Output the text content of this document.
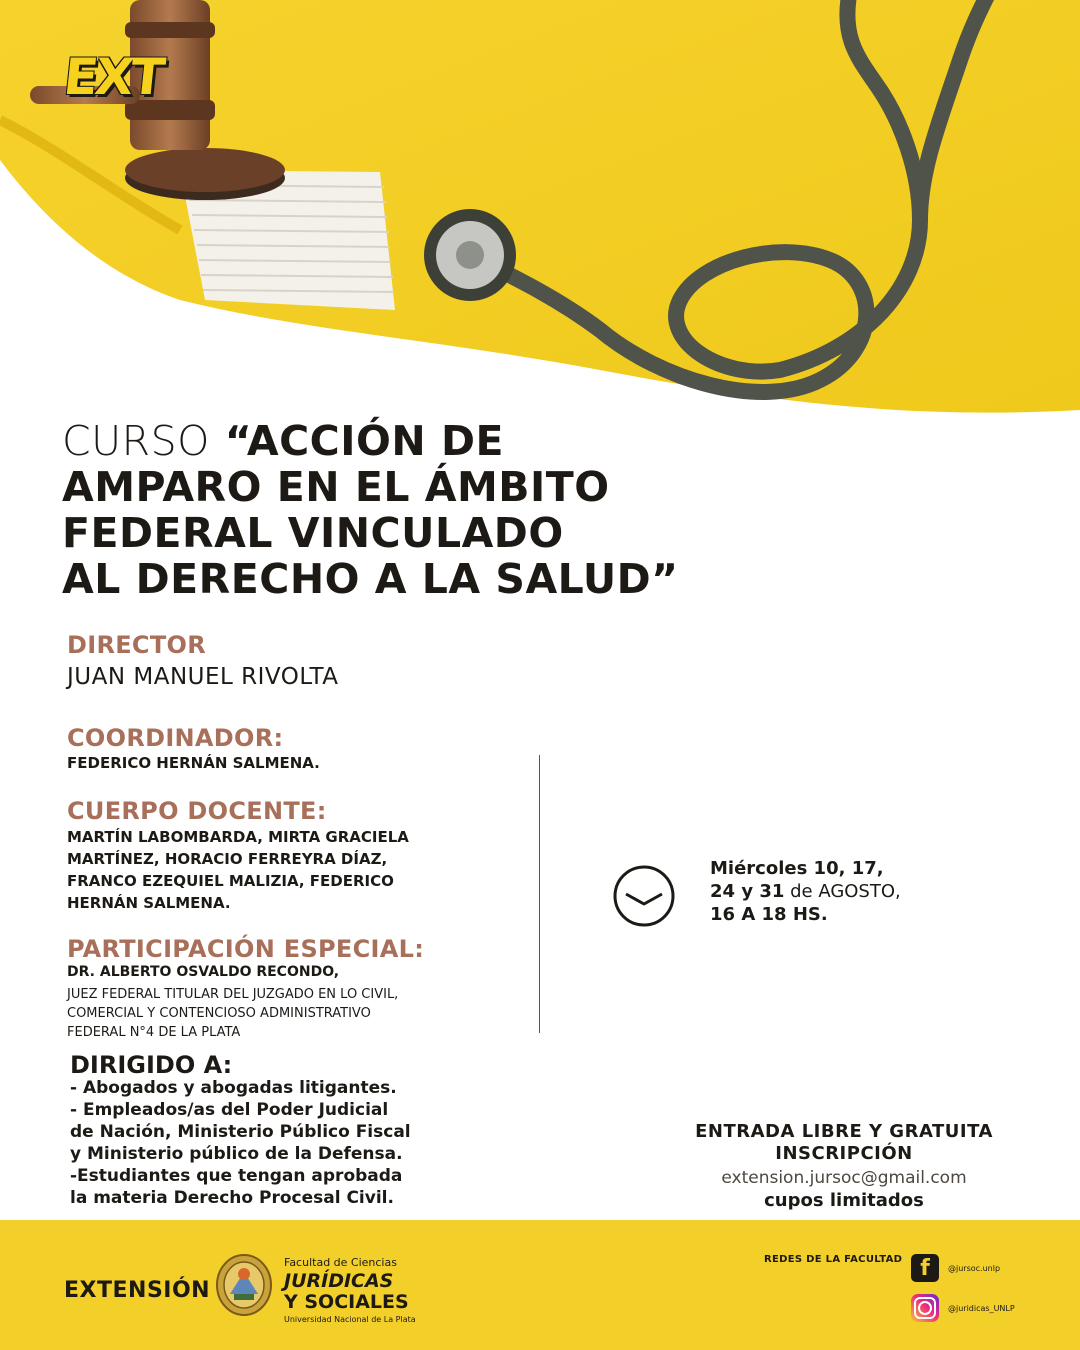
EXT
CURSO “ACCIÓN DE
AMPARO EN EL ÁMBITO
FEDERAL VINCULADO
AL DERECHO A LA SALUD”
DIRECTOR
JUAN MANUEL RIVOLTA
COORDINADOR:
FEDERICO HERNÁN SALMENA.
CUERPO DOCENTE:
MARTÍN LABOMBARDA, MIRTA GRACIELA
MARTÍNEZ, HORACIO FERREYRA DÍAZ,
FRANCO EZEQUIEL MALIZIA, FEDERICO
HERNÁN SALMENA.
PARTICIPACIÓN ESPECIAL:
DR. ALBERTO OSVALDO RECONDO,
JUEZ FEDERAL TITULAR DEL JUZGADO EN LO CIVIL,
COMERCIAL Y CONTENCIOSO ADMINISTRATIVO
FEDERAL N°4 DE LA PLATA
Miércoles 10, 17,
24 y 31 de AGOSTO,
16 A 18 HS.
DIRIGIDO A:
- Abogados y abogadas litigantes.
- Empleados/as del Poder Judicial
de Nación, Ministerio Público Fiscal
y Ministerio público de la Defensa.
-Estudiantes que tengan aprobada
la materia Derecho Procesal Civil.
ENTRADA LIBRE Y GRATUITA
INSCRIPCIÓN
extension.jursoc@gmail.com
cupos limitados
EXTENSIÓN
Facultad de Ciencias
JURÍDICAS
Y SOCIALES
Universidad Nacional de La Plata
REDES DE LA FACULTAD f	@jursoc.unlp
@juridicas_UNLP
